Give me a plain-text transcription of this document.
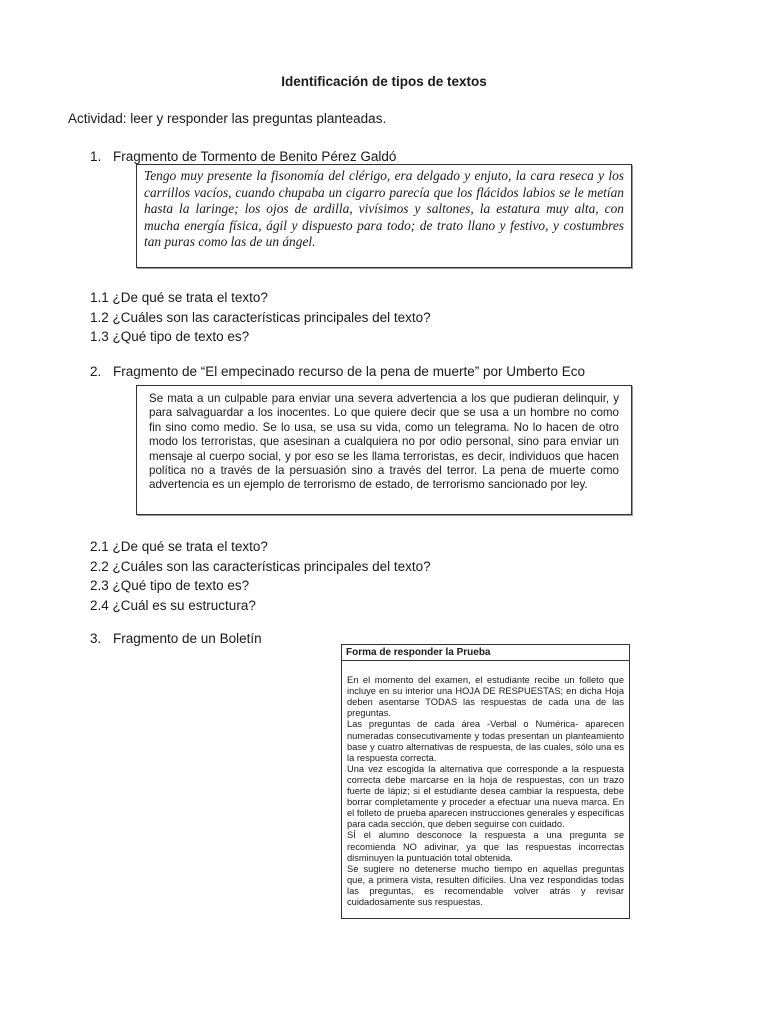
Identificación de tipos de textos
Actividad: leer y responder las preguntas planteadas.
1. Fragmento de Tormento de Benito Pérez Galdó
Tengo muy presente la fisonomía del clérigo, era delgado y enjuto, la cara reseca y los carrillos vacíos, cuando chupaba un cigarro parecía que los flácidos labios se le metían hasta la laringe; los ojos de ardilla, vivísimos y saltones, la estatura muy alta, con mucha energía física, ágil y dispuesto para todo; de trato llano y festivo, y costumbres tan puras como las de un ángel.
1.1 ¿De qué se trata el texto?
1.2 ¿Cuáles son las características principales del texto?
1.3 ¿Qué tipo de texto es?
2. Fragmento de “El empecinado recurso de la pena de muerte” por Umberto Eco
Se mata a un culpable para enviar una severa advertencia a los que pudieran delinquir, y para salvaguardar a los inocentes. Lo que quiere decir que se usa a un hombre no como fin sino como medio. Se lo usa, se usa su vida, como un telegrama. No lo hacen de otro modo los terroristas, que asesinan a cualquiera no por odio personal, sino para enviar un mensaje al cuerpo social, y por eso se les llama terroristas, es decir, individuos que hacen política no a través de la persuasión sino a través del terror. La pena de muerte como advertencia es un ejemplo de terrorismo de estado, de terrorismo sancionado por ley.
2.1 ¿De qué se trata el texto?
2.2 ¿Cuáles son las características principales del texto?
2.3 ¿Qué tipo de texto es?
2.4 ¿Cuál es su estructura?
3. Fragmento de un Boletín
Forma de responder la Prueba

En el momento del examen, el estudiante recibe un folleto que incluye en su interior una HOJA DE RESPUESTAS; en dicha Hoja deben asentarse TODAS las respuestas de cada una de las preguntas.

Las preguntas de cada área -Verbal o Numérica- aparecen numeradas consecutivamente y todas presentan un planteamiento base y cuatro alternativas de respuesta, de las cuales, sólo una es la respuesta correcta.

Una vez escogida la alternativa que corresponde a la respuesta correcta debe marcarse en la hoja de respuestas, con un trazo fuerte de lápiz; si el estudiante desea cambiar la respuesta, debe borrar completamente y proceder a efectuar una nueva marca. En el folleto de prueba aparecen instrucciones generales y específicas para cada sección, que deben seguirse con cuidado.

SÍ el alumno desconoce la respuesta a una pregunta se recomienda NO adivinar, ya que las respuestas incorrectas disminuyen la puntuación total obtenida.

Se sugiere no detenerse mucho tiempo en aquellas preguntas que, a primera vista, resulten difíciles. Una vez respondidas todas las preguntas, es recomendable volver atrás y revisar cuidadosamente sus respuestas.
